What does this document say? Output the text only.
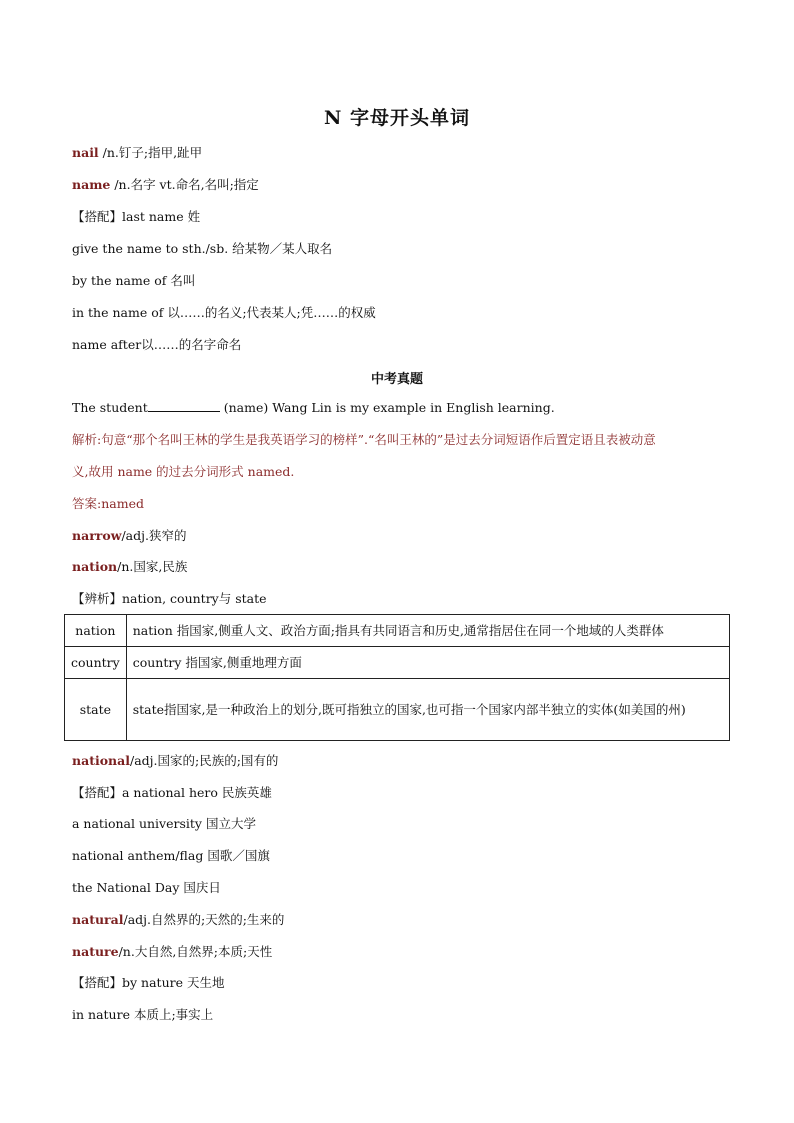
N 字母开头单词
nail /n.钉子;指甲,趾甲
name /n.名字 vt.命名,名叫;指定
【搭配】last name 姓
give the name to sth./sb. 给某物／某人取名
by the name of 名叫
in the name of 以……的名义;代表某人;凭……的权威
name after以……的名字命名
中考真题
The student	(name) Wang Lin is my example in English learning.
解析:句意“那个名叫王林的学生是我英语学习的榜样”.“名叫王林的”是过去分词短语作后置定语且表被动意
义,故用 name 的过去分词形式 named.
答案:named
narrow/adj.狭窄的
nation/n.国家,民族
【辨析】nation, country与 state
nation	nation 指国家,侧重人文、政治方面;指具有共同语言和历史,通常指居住在同一个地域的人类群体
country	country 指国家,侧重地理方面
state	state指国家,是一种政治上的划分,既可指独立的国家,也可指一个国家内部半独立的实体(如美国的州)
national/adj.国家的;民族的;国有的
【搭配】a national hero 民族英雄
a national university 国立大学
national anthem/flag 国歌／国旗
the National Day 国庆日
natural/adj.自然界的;天然的;生来的
nature/n.大自然,自然界;本质;天性
【搭配】by nature 天生地
in nature 本质上;事实上
